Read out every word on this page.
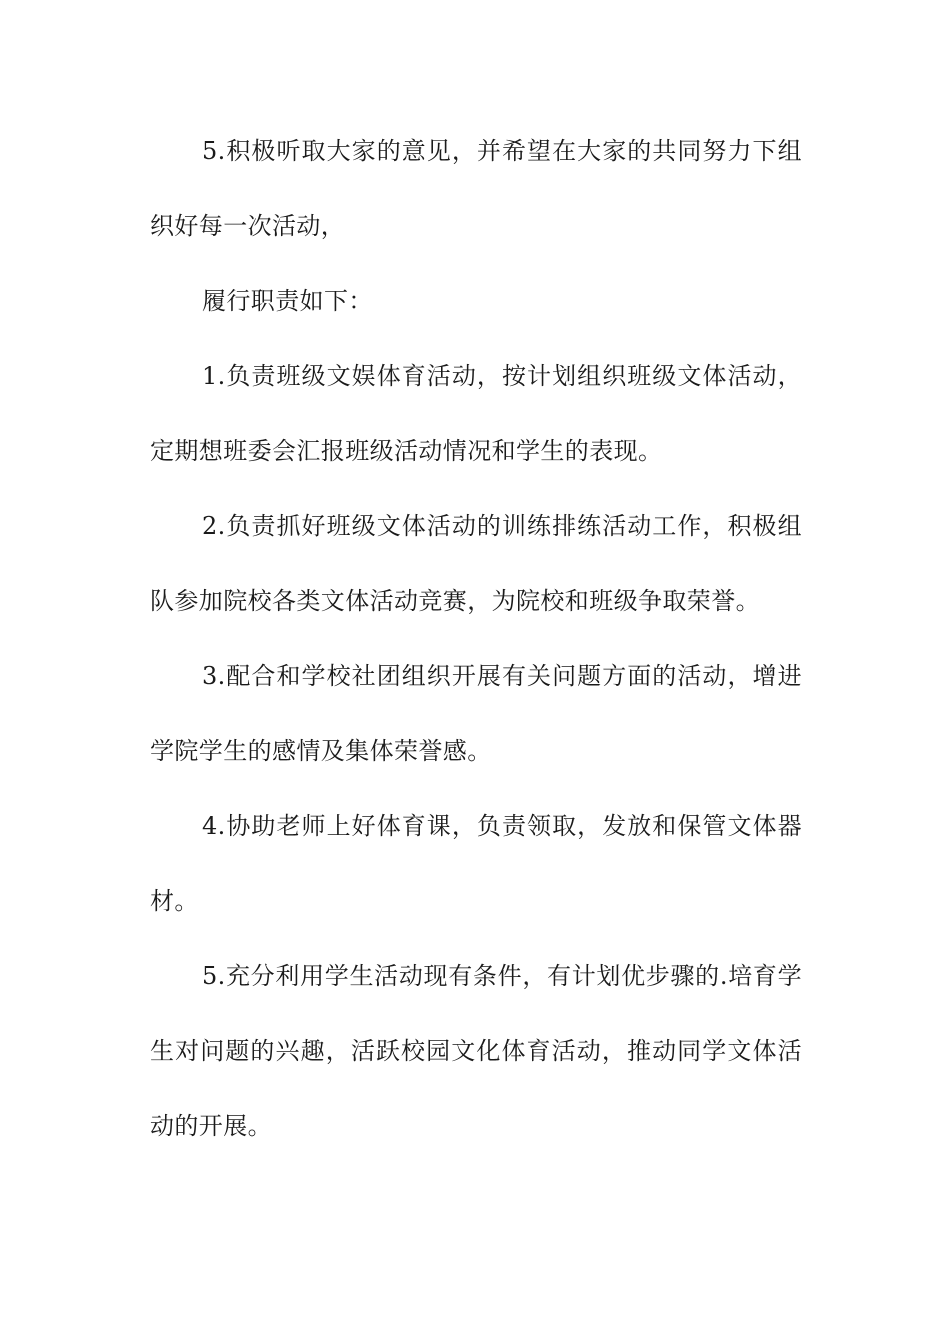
5.积极听取大家的意见，并希望在大家的共同努力下组织好每一次活动，

履行职责如下：

1.负责班级文娱体育活动，按计划组织班级文体活动，定期想班委会汇报班级活动情况和学生的表现。

2.负责抓好班级文体活动的训练排练活动工作，积极组队参加院校各类文体活动竞赛，为院校和班级争取荣誉。

3.配合和学校社团组织开展有关问题方面的活动，增进学院学生的感情及集体荣誉感。

4.协助老师上好体育课，负责领取，发放和保管文体器材。

5.充分利用学生活动现有条件，有计划优步骤的.培育学生对问题的兴趣，活跃校园文化体育活动，推动同学文体活动的开展。
